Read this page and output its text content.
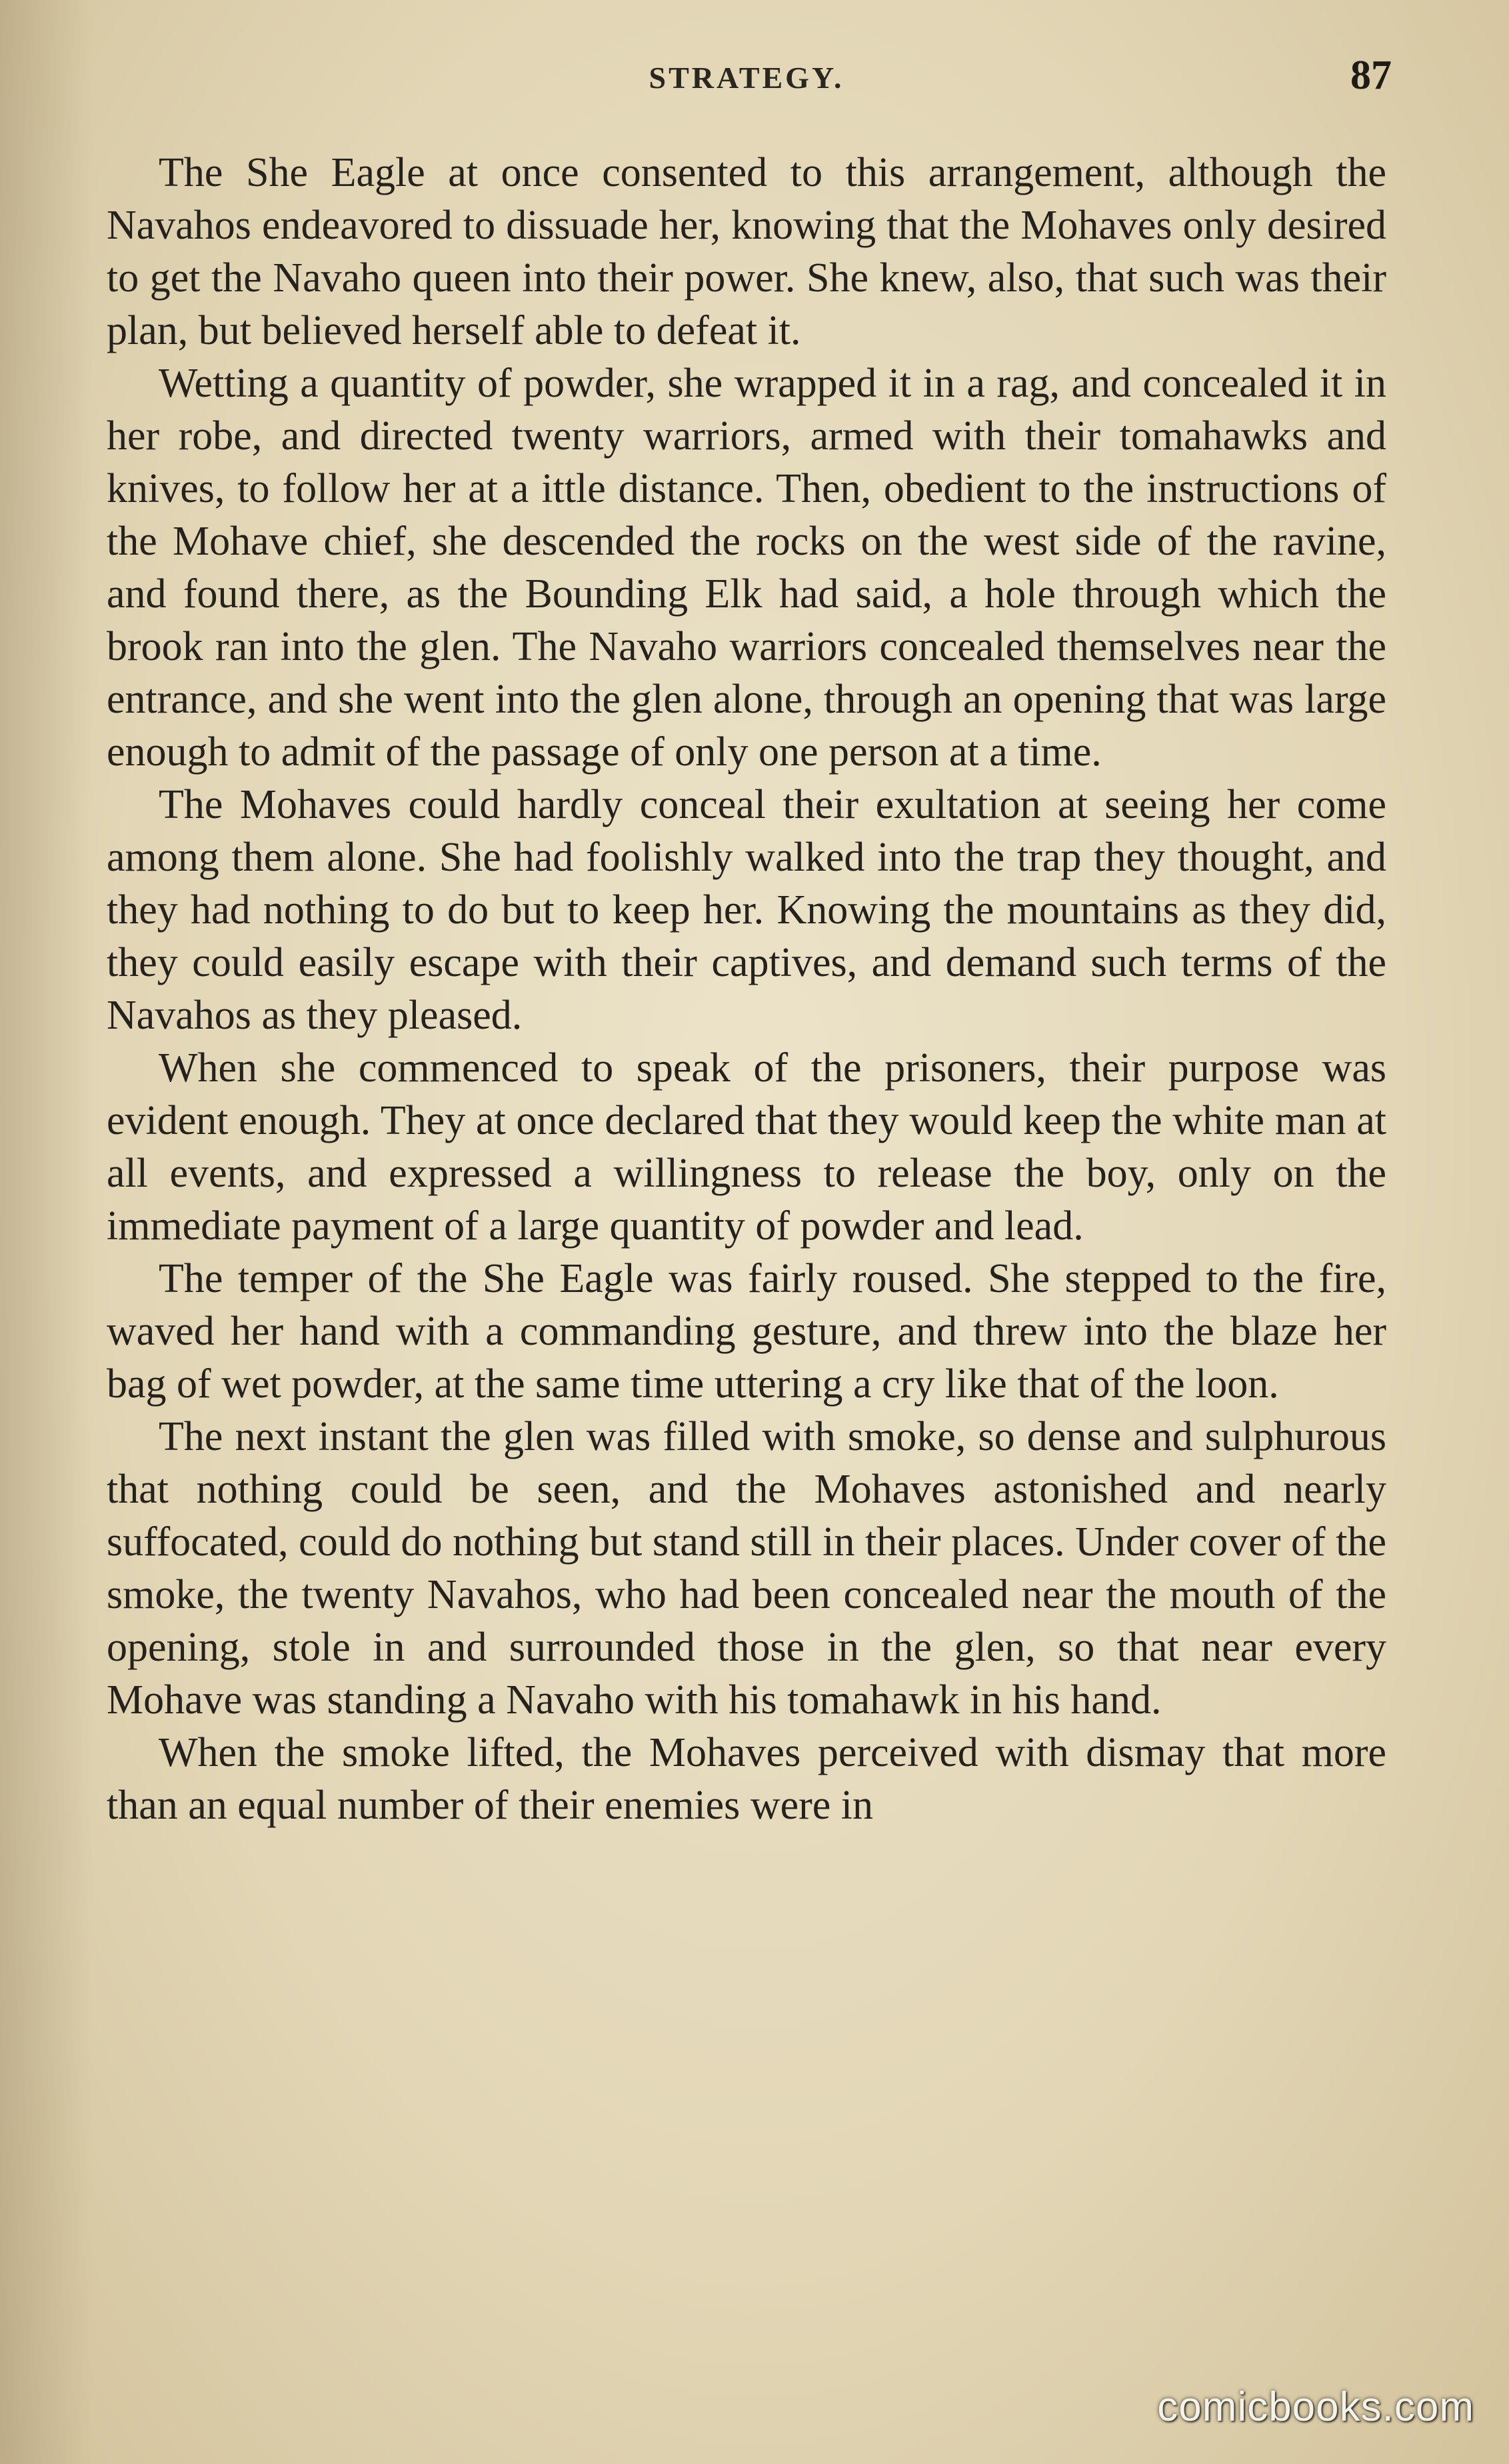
STRATEGY.	87

The She Eagle at once consented to this arrangement, although the Navahos endeavored to dissuade her, knowing that the Mohaves only desired to get the Navaho queen into their power. She knew, also, that such was their plan, but believed herself able to defeat it.

Wetting a quantity of powder, she wrapped it in a rag, and concealed it in her robe, and directed twenty warriors, armed with their tomahawks and knives, to follow her at a ittle distance. Then, obedient to the instructions of the Mohave chief, she descended the rocks on the west side of the ravine, and found there, as the Bounding Elk had said, a hole through which the brook ran into the glen. The Navaho warriors concealed themselves near the entrance, and she went into the glen alone, through an opening that was large enough to admit of the passage of only one person at a time.

The Mohaves could hardly conceal their exultation at seeing her come among them alone. She had foolishly walked into the trap they thought, and they had nothing to do but to keep her. Knowing the mountains as they did, they could easily escape with their captives, and demand such terms of the Navahos as they pleased.

When she commenced to speak of the prisoners, their purpose was evident enough. They at once declared that they would keep the white man at all events, and expressed a willingness to release the boy, only on the immediate payment of a large quantity of powder and lead.

The temper of the She Eagle was fairly roused. She stepped to the fire, waved her hand with a commanding gesture, and threw into the blaze her bag of wet powder, at the same time uttering a cry like that of the loon.

The next instant the glen was filled with smoke, so dense and sulphurous that nothing could be seen, and the Mohaves astonished and nearly suffocated, could do nothing but stand still in their places. Under cover of the smoke, the twenty Navahos, who had been concealed near the mouth of the opening, stole in and surrounded those in the glen, so that near every Mohave was standing a Navaho with his tomahawk in his hand.

When the smoke lifted, the Mohaves perceived with dismay that more than an equal number of their enemies were in

comicbooks.com
